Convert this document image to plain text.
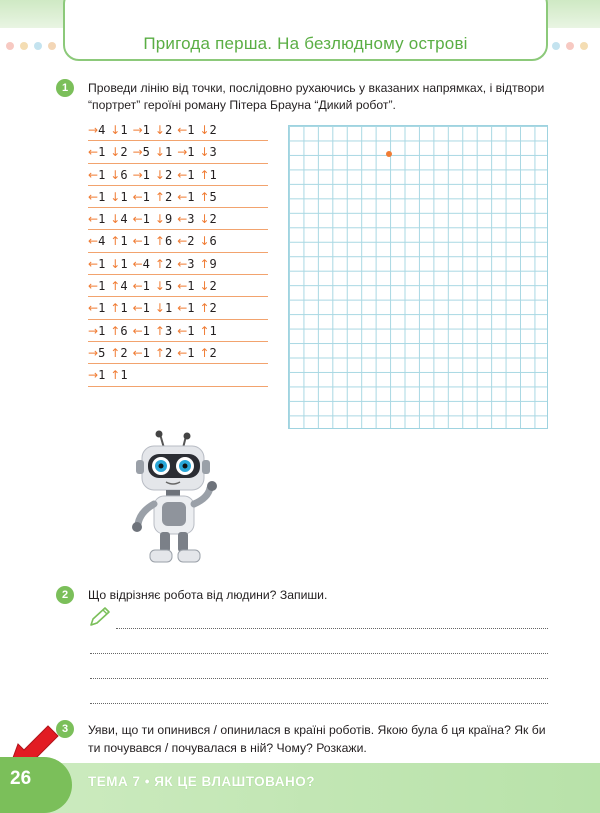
Пригода перша. На безлюдному острові
1	Проведи лінію від точки, послідовно рухаючись у вказаних напрямках, і відтвори
“портрет” героїні роману Пітера Брауна “Дикий робот”.
→4 ↓1 →1 ↓2 ←1 ↓2
←1 ↓2 →5 ↓1 →1 ↓3
←1 ↓6 →1 ↓2 ←1 ↑1
←1 ↓1 ←1 ↑2 ←1 ↑5
←1 ↓4 ←1 ↓9 ←3 ↓2
←4 ↑1 ←1 ↑6 ←2 ↓6
←1 ↓1 ←4 ↑2 ←3 ↑9
←1 ↑4 ←1 ↓5 ←1 ↓2
←1 ↑1 ←1 ↓1 ←1 ↑2
→1 ↑6 ←1 ↑3 ←1 ↑1
→5 ↑2 ←1 ↑2 ←1 ↑2
→1 ↑1
2	Що відрізняє робота від людини? Запиши.
3	Уяви, що ти опинився / опинилася в країні роботів. Якою була б ця країна? Як би
ти почувався / почувалася в ній? Чому? Розкажи.
26	ТЕМА 7 • ЯК ЦЕ ВЛАШТОВАНО?
